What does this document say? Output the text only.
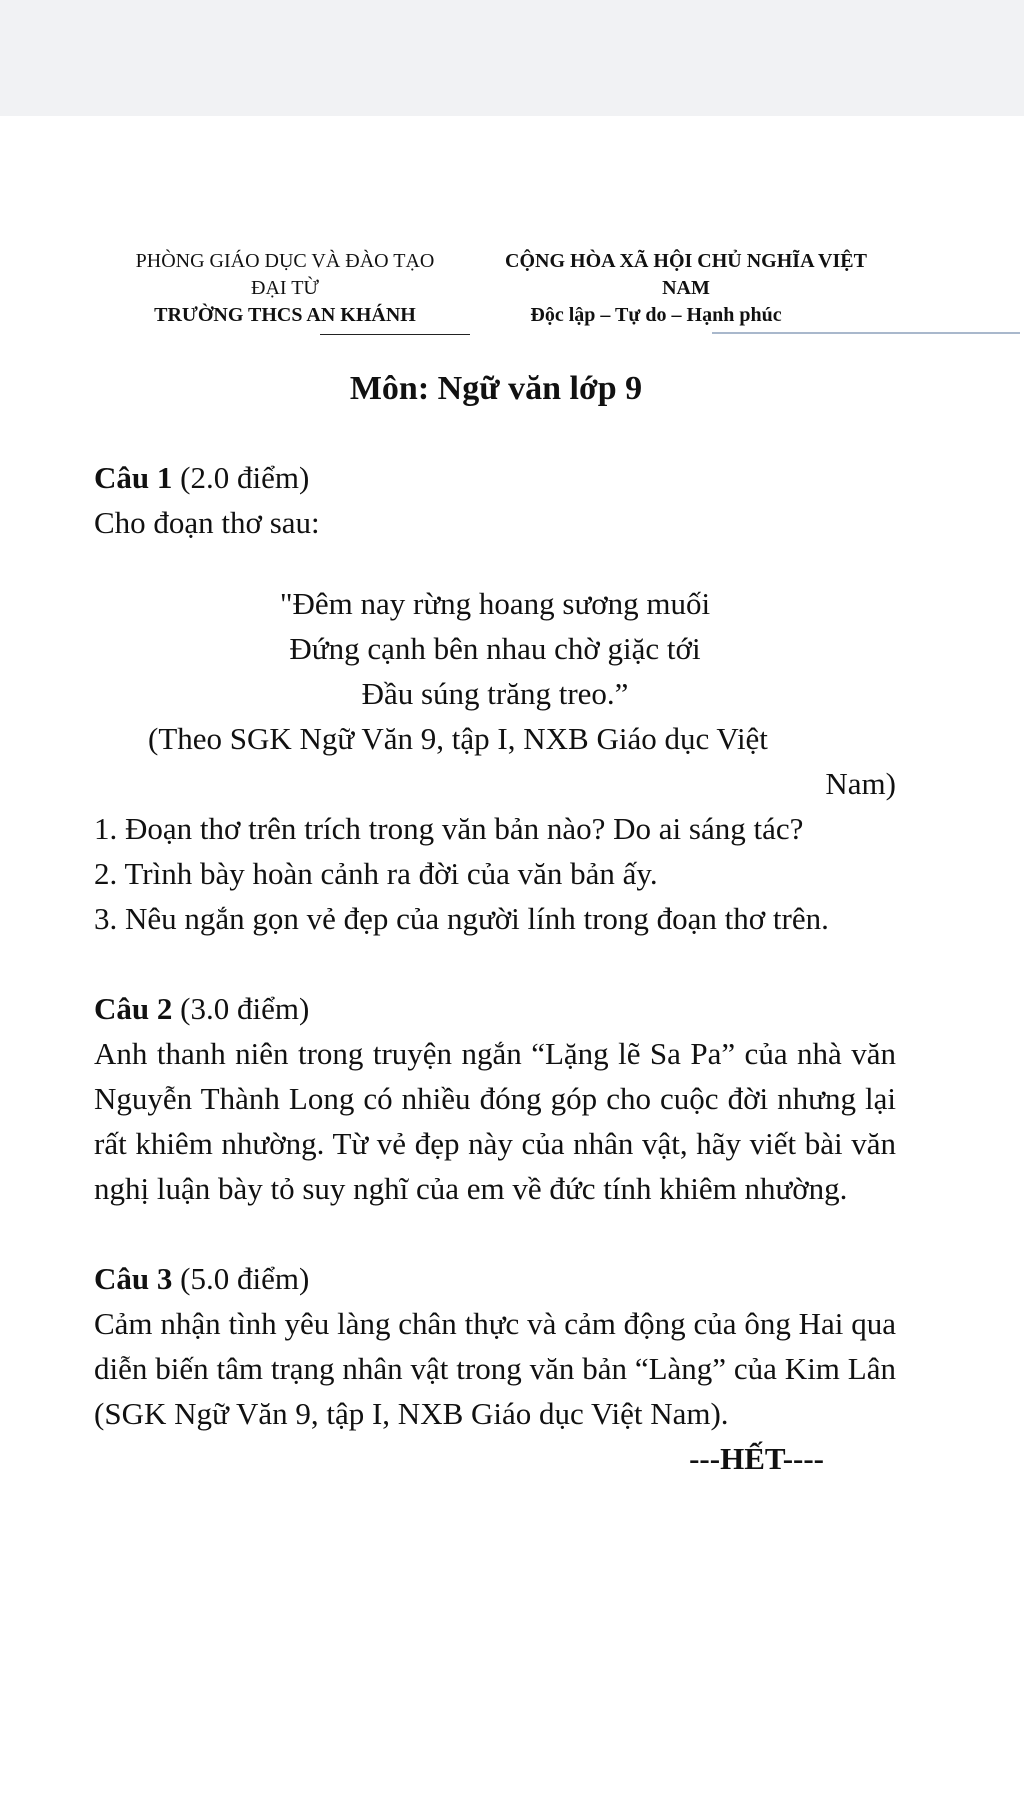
PHÒNG GIÁO DỤC VÀ ĐÀO TẠO
ĐẠI TỪ
TRƯỜNG THCS AN KHÁNH
CỘNG HÒA XÃ HỘI CHỦ NGHĨA VIỆT
NAM
Độc lập – Tự do – Hạnh phúc
Môn: Ngữ văn lớp 9

Câu 1 (2.0 điểm)

Cho đoạn thơ sau:

"Đêm nay rừng hoang sương muối

Đứng cạnh bên nhau chờ giặc tới

Đầu súng trăng treo.”

(Theo SGK Ngữ Văn 9, tập I, NXB Giáo dục Việt
Nam)

1. Đoạn thơ trên trích trong văn bản nào? Do ai sáng tác?

2. Trình bày hoàn cảnh ra đời của văn bản ấy.

3. Nêu ngắn gọn vẻ đẹp của người lính trong đoạn thơ trên.

Câu 2 (3.0 điểm)

Anh thanh niên trong truyện ngắn “Lặng lẽ Sa Pa” của nhà văn Nguyễn Thành Long có nhiều đóng góp cho cuộc đời nhưng lại rất khiêm nhường. Từ vẻ đẹp này của nhân vật, hãy viết bài văn nghị luận bày tỏ suy nghĩ của em về đức tính khiêm nhường.

Câu 3 (5.0 điểm)

Cảm nhận tình yêu làng chân thực và cảm động của ông Hai qua diễn biến tâm trạng nhân vật trong văn bản “Làng” của Kim Lân (SGK Ngữ Văn 9, tập I, NXB Giáo dục Việt Nam).

---HẾT----
